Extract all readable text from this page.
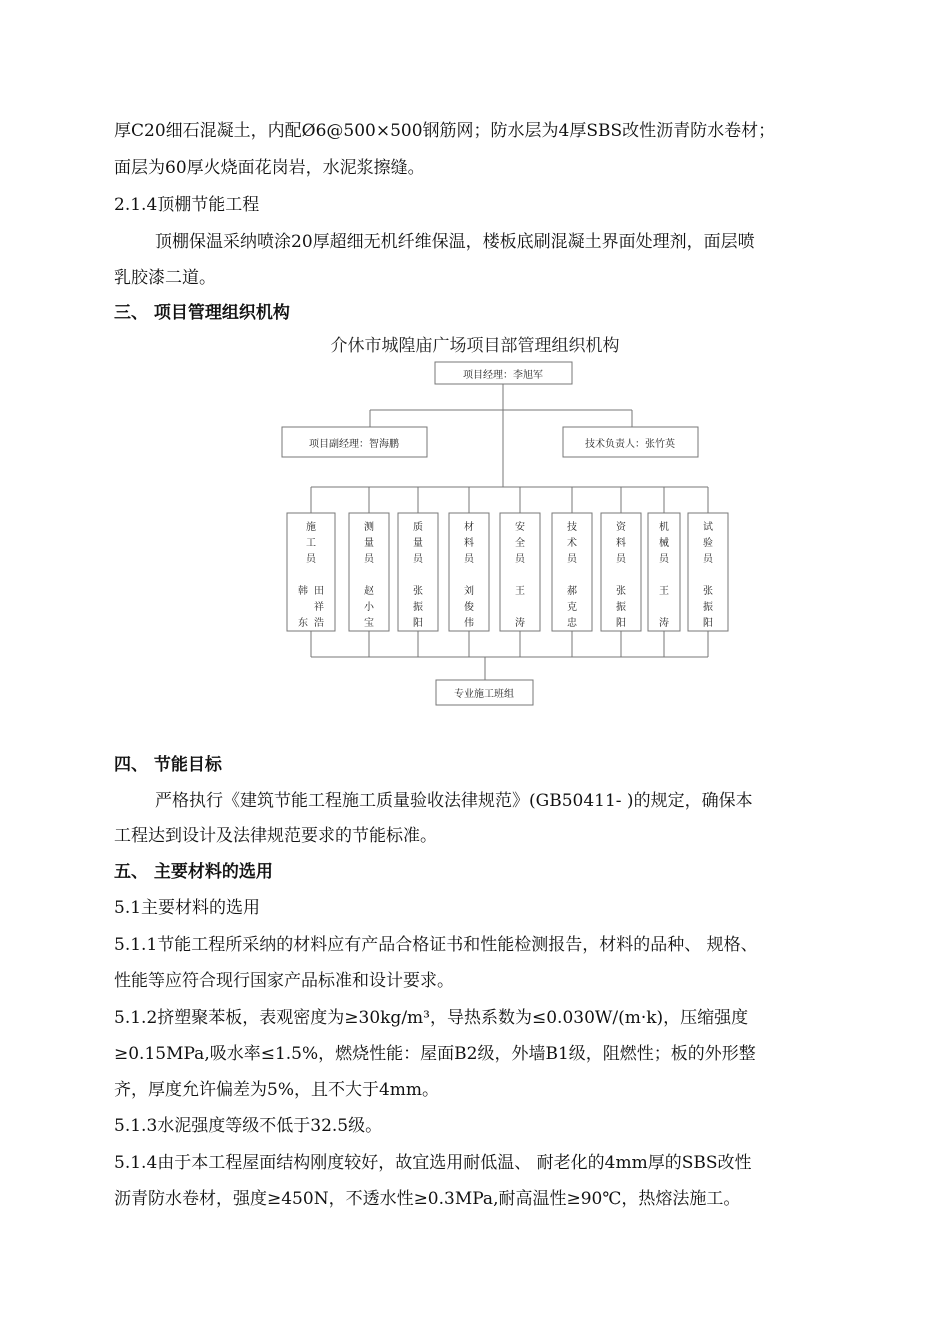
厚C20细石混凝土，内配Ø6@500×500钢筋网；防水层为4厚SBS改性沥青防水卷材；
面层为60厚火烧面花岗岩，水泥浆擦缝。
2.1.4顶棚节能工程
顶棚保温采纳喷涂20厚超细无机纤维保温，楼板底刷混凝土界面处理剂，面层喷
乳胶漆二道。
三、 项目管理组织机构
介休市城隍庙广场项目部管理组织机构
项目经理：李旭军
项目副经理：智海鹏	技术负责人：张竹英
专业施工班组
施
工
员
韩
东
田
祥
浩
测
量
员
赵
小
宝
质
量
员
张
振
阳
材
料
员
刘
俊
伟
安
全
员
王
涛
技
术
员
郝
克
忠
资
料
员
张
振
阳
机
械
员
王
涛
试
验
员
张
振
阳
四、 节能目标
严格执行《建筑节能工程施工质量验收法律规范》(GB50411- )的规定，确保本
工程达到设计及法律规范要求的节能标准。
五、 主要材料的选用
5.1主要材料的选用
5.1.1节能工程所采纳的材料应有产品合格证书和性能检测报告，材料的品种、 规格、
性能等应符合现行国家产品标准和设计要求。
5.1.2挤塑聚苯板，表观密度为≥30kg/m³，导热系数为≤0.030W/(m·k)，压缩强度
≥0.15MPa,吸水率≤1.5%，燃烧性能：屋面B2级，外墙B1级，阻燃性；板的外形整
齐，厚度允许偏差为5%，且不大于4mm。
5.1.3水泥强度等级不低于32.5级。
5.1.4由于本工程屋面结构刚度较好，故宜选用耐低温、 耐老化的4mm厚的SBS改性
沥青防水卷材，强度≥450N，不透水性≥0.3MPa,耐高温性≥90℃，热熔法施工。
